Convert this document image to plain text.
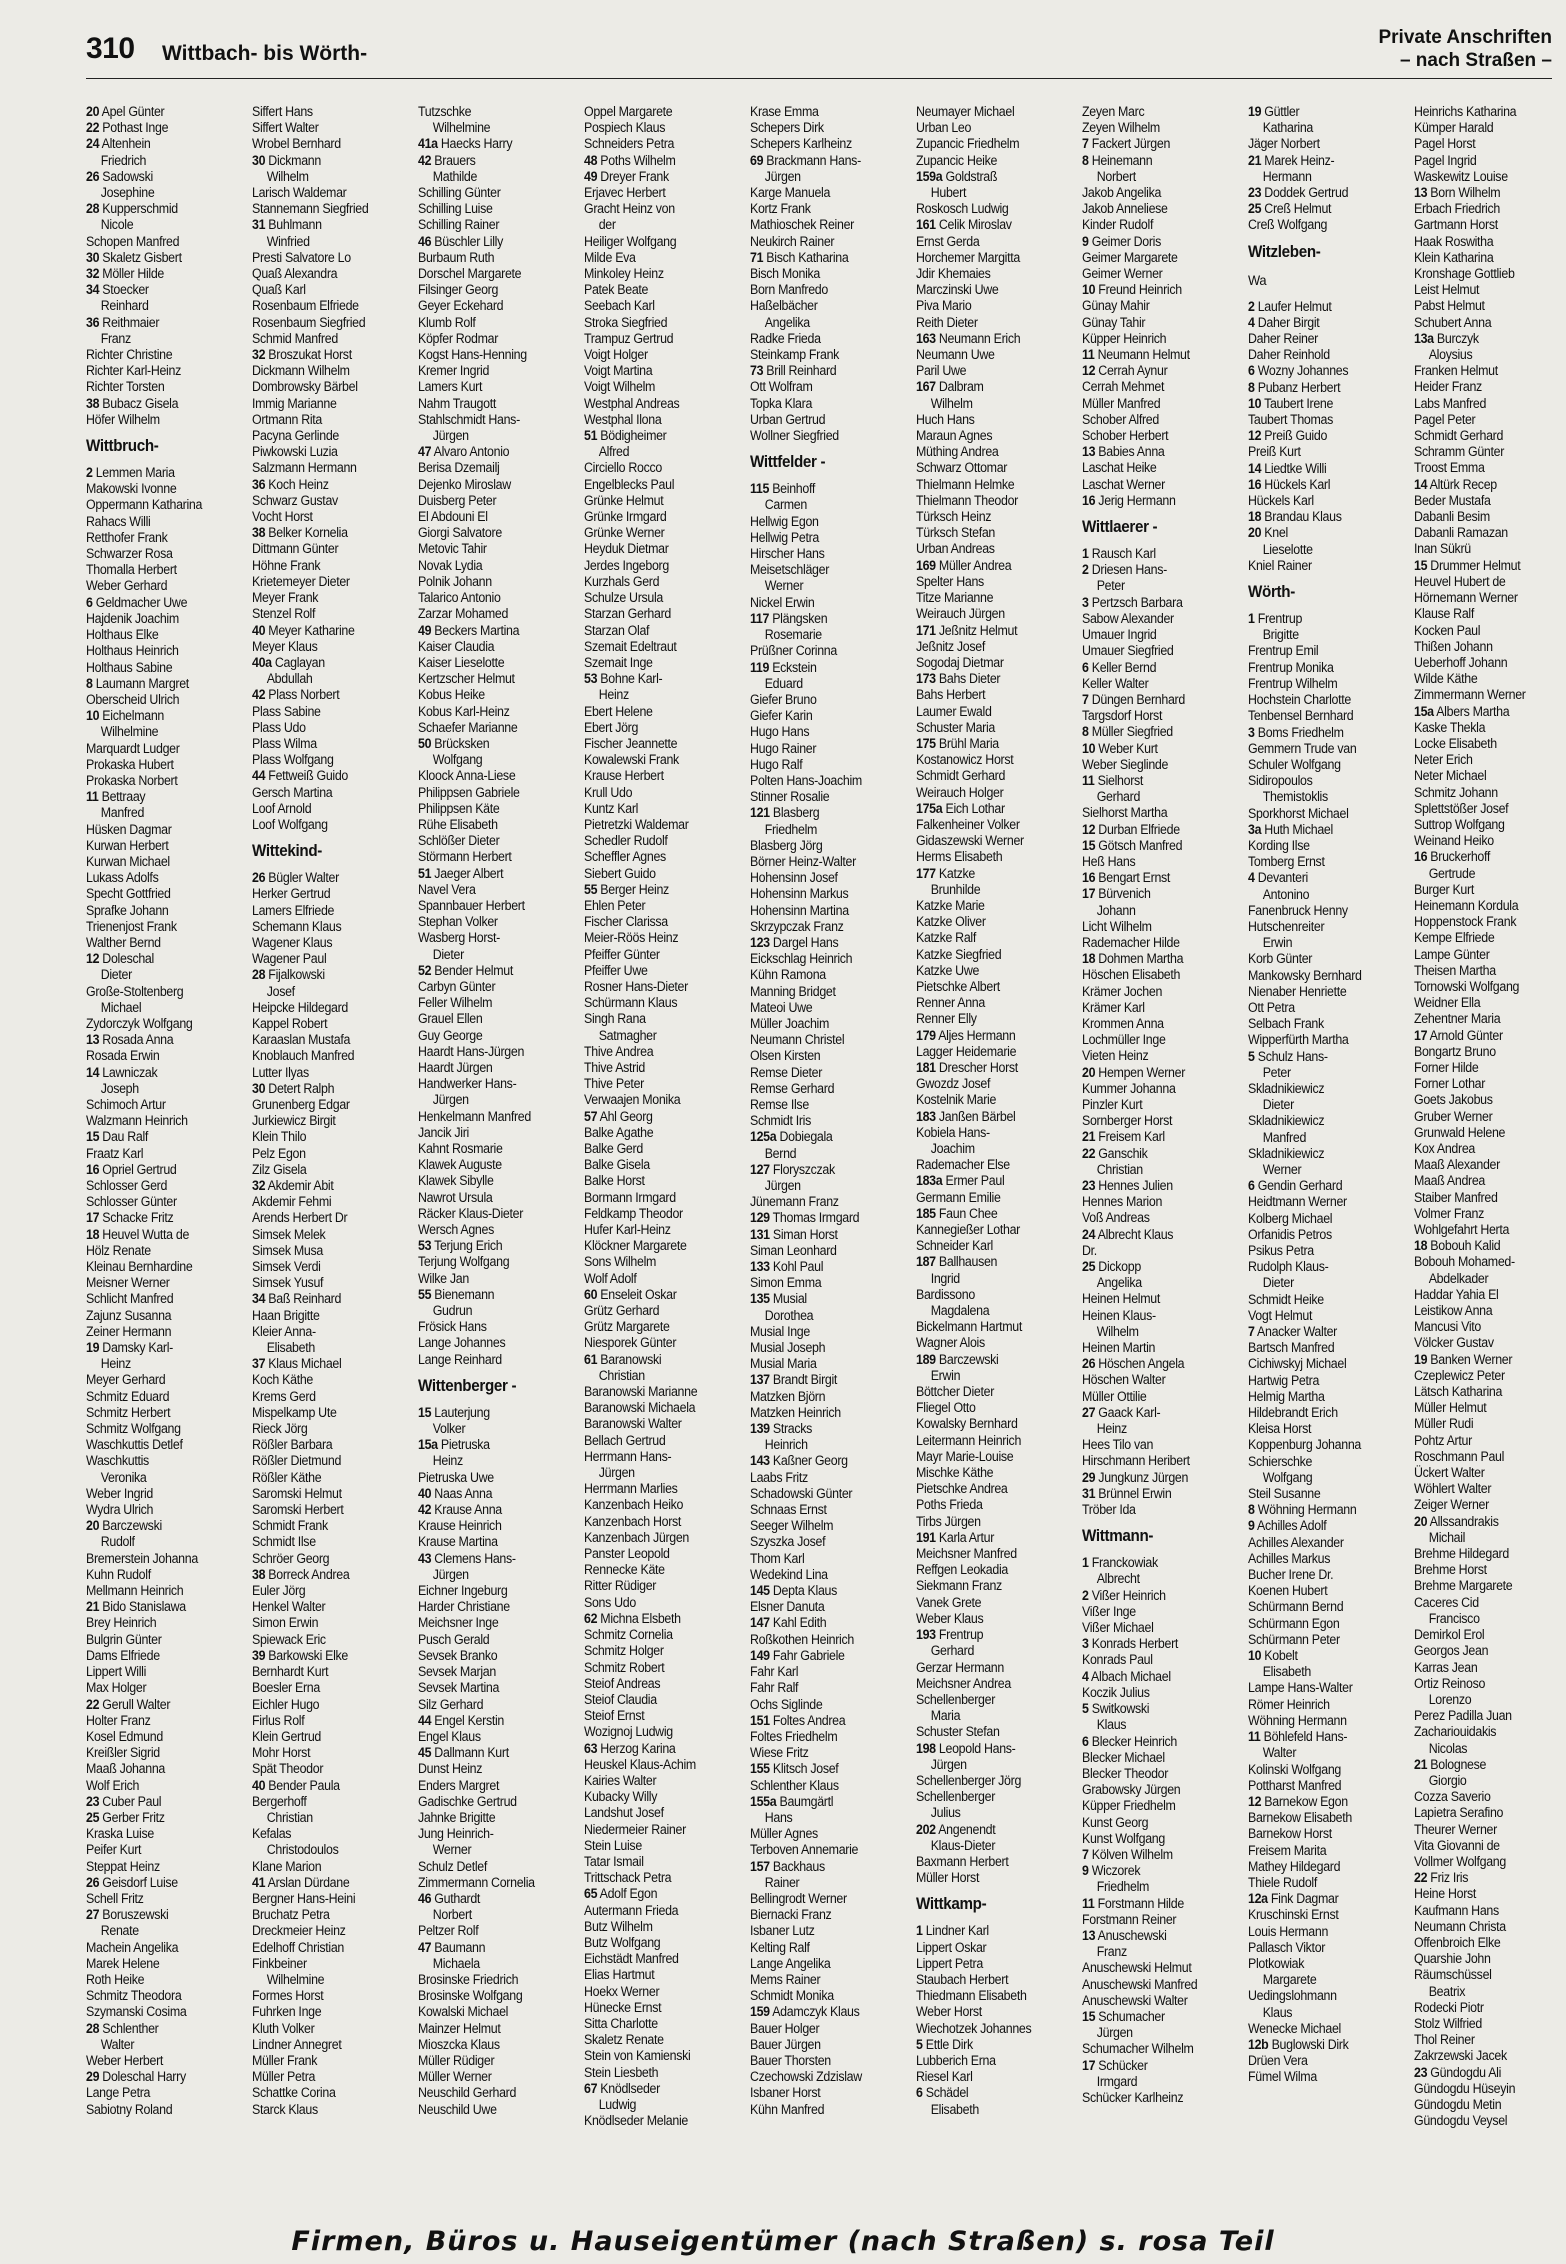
310 Wittbach- bis Wörth-
Private Anschriften
– nach Straßen –
20 Apel Günter
22 Pothast Inge
24 Altenhein
Friedrich
26 Sadowski
Josephine
28 Kupperschmid
Nicole
Schopen Manfred
30 Skaletz Gisbert
32 Möller Hilde
34 Stoecker
Reinhard
36 Reithmaier
Franz
Richter Christine
Richter Karl-Heinz
Richter Torsten
38 Bubacz Gisela
Höfer Wilhelm
Wittbruch-
2 Lemmen Maria
Makowski Ivonne
Oppermann Katharina
Rahacs Willi
Retthofer Frank
Schwarzer Rosa
Thomalla Herbert
Weber Gerhard
6 Geldmacher Uwe
Hajdenik Joachim
Holthaus Elke
Holthaus Heinrich
Holthaus Sabine
8 Laumann Margret
Oberscheid Ulrich
10 Eichelmann
Wilhelmine
Marquardt Ludger
Prokaska Hubert
Prokaska Norbert
11 Bettraay
Manfred
Hüsken Dagmar
Kurwan Herbert
Kurwan Michael
Lukass Adolfs
Specht Gottfried
Sprafke Johann
Trienenjost Frank
Walther Bernd
12 Doleschal
Dieter
Große-Stoltenberg
Michael
Zydorczyk Wolfgang
13 Rosada Anna
Rosada Erwin
14 Lawniczak
Joseph
Schimoch Artur
Walzmann Heinrich
15 Dau Ralf
Fraatz Karl
16 Opriel Gertrud
Schlosser Gerd
Schlosser Günter
17 Schacke Fritz
18 Heuvel Wutta de
Hölz Renate
Kleinau Bernhardine
Meisner Werner
Schlicht Manfred
Zajunz Susanna
Zeiner Hermann
19 Damsky Karl-
Heinz
Meyer Gerhard
Schmitz Eduard
Schmitz Herbert
Schmitz Wolfgang
Waschkuttis Detlef
Waschkuttis
Veronika
Weber Ingrid
Wydra Ulrich
20 Barczewski
Rudolf
Bremerstein Johanna
Kuhn Rudolf
Mellmann Heinrich
21 Bido Stanislawa
Brey Heinrich
Bulgrin Günter
Dams Elfriede
Lippert Willi
Max Holger
22 Gerull Walter
Holter Franz
Kosel Edmund
Kreißler Sigrid
Maaß Johanna
Wolf Erich
23 Cuber Paul
25 Gerber Fritz
Kraska Luise
Peifer Kurt
Steppat Heinz
26 Geisdorf Luise
Schell Fritz
27 Boruszewski
Renate
Machein Angelika
Marek Helene
Roth Heike
Schmitz Theodora
Szymanski Cosima
28 Schlenther
Walter
Weber Herbert
29 Doleschal Harry
Lange Petra
Sabiotny Roland
Siffert Hans
Siffert Walter
Wrobel Bernhard
30 Dickmann
Wilhelm
Larisch Waldemar
Stannemann Siegfried
31 Buhlmann
Winfried
Presti Salvatore Lo
Quaß Alexandra
Quaß Karl
Rosenbaum Elfriede
Rosenbaum Siegfried
Schmid Manfred
32 Broszukat Horst
Dickmann Wilhelm
Dombrowsky Bärbel
Immig Marianne
Ortmann Rita
Pacyna Gerlinde
Piwkowski Luzia
Salzmann Hermann
36 Koch Heinz
Schwarz Gustav
Vocht Horst
38 Belker Kornelia
Dittmann Günter
Höhne Frank
Krietemeyer Dieter
Meyer Frank
Stenzel Rolf
40 Meyer Katharine
Meyer Klaus
40a Caglayan
Abdullah
42 Plass Norbert
Plass Sabine
Plass Udo
Plass Wilma
Plass Wolfgang
44 Fettweiß Guido
Gersch Martina
Loof Arnold
Loof Wolfgang
Wittekind-
26 Bügler Walter
Herker Gertrud
Lamers Elfriede
Schemann Klaus
Wagener Klaus
Wagener Paul
28 Fijalkowski
Josef
Heipcke Hildegard
Kappel Robert
Karaaslan Mustafa
Knoblauch Manfred
Lutter Ilyas
30 Detert Ralph
Grunenberg Edgar
Jurkiewicz Birgit
Klein Thilo
Pelz Egon
Zilz Gisela
32 Akdemir Abit
Akdemir Fehmi
Arends Herbert Dr
Simsek Melek
Simsek Musa
Simsek Verdi
Simsek Yusuf
34 Baß Reinhard
Haan Brigitte
Kleier Anna-
Elisabeth
37 Klaus Michael
Koch Käthe
Krems Gerd
Mispelkamp Ute
Rieck Jörg
Rößler Barbara
Rößler Dietmund
Rößler Käthe
Saromski Helmut
Saromski Herbert
Schmidt Frank
Schmidt Ilse
Schröer Georg
38 Borreck Andrea
Euler Jörg
Henkel Walter
Simon Erwin
Spiewack Eric
39 Barkowski Elke
Bernhardt Kurt
Boesler Erna
Eichler Hugo
Firlus Rolf
Klein Gertrud
Mohr Horst
Spät Theodor
40 Bender Paula
Bergerhoff
Christian
Kefalas
Christodoulos
Klane Marion
41 Arslan Dürdane
Bergner Hans-Heini
Bruchatz Petra
Dreckmeier Heinz
Edelhoff Christian
Finkbeiner
Wilhelmine
Formes Horst
Fuhrken Inge
Kluth Volker
Lindner Annegret
Müller Frank
Müller Petra
Schattke Corina
Starck Klaus
Tutzschke
Wilhelmine
41a Haecks Harry
42 Brauers
Mathilde
Schilling Günter
Schilling Luise
Schilling Rainer
46 Büschler Lilly
Burbaum Ruth
Dorschel Margarete
Filsinger Georg
Geyer Eckehard
Klumb Rolf
Köpfer Rodmar
Kogst Hans-Henning
Kremer Ingrid
Lamers Kurt
Nahm Traugott
Stahlschmidt Hans-
Jürgen
47 Alvaro Antonio
Berisa Dzemailj
Dejenko Miroslaw
Duisberg Peter
El Abdouni El
Giorgi Salvatore
Metovic Tahir
Novak Lydia
Polnik Johann
Talarico Antonio
Zarzar Mohamed
49 Beckers Martina
Kaiser Claudia
Kaiser Lieselotte
Kertzscher Helmut
Kobus Heike
Kobus Karl-Heinz
Schaefer Marianne
50 Brücksken
Wolfgang
Kloock Anna-Liese
Philippsen Gabriele
Philippsen Käte
Rühe Elisabeth
Schlößer Dieter
Störmann Herbert
51 Jaeger Albert
Navel Vera
Spannbauer Herbert
Stephan Volker
Wasberg Horst-
Dieter
52 Bender Helmut
Carbyn Günter
Feller Wilhelm
Grauel Ellen
Guy George
Haardt Hans-Jürgen
Haardt Jürgen
Handwerker Hans-
Jürgen
Henkelmann Manfred
Jancik Jiri
Kahnt Rosmarie
Klawek Auguste
Klawek Sibylle
Nawrot Ursula
Räcker Klaus-Dieter
Wersch Agnes
53 Terjung Erich
Terjung Wolfgang
Wilke Jan
55 Bienemann
Gudrun
Frösick Hans
Lange Johannes
Lange Reinhard
Wittenberger -
15 Lauterjung
Volker
15a Pietruska
Heinz
Pietruska Uwe
40 Naas Anna
42 Krause Anna
Krause Heinrich
Krause Martina
43 Clemens Hans-
Jürgen
Eichner Ingeburg
Harder Christiane
Meichsner Inge
Pusch Gerald
Sevsek Branko
Sevsek Marjan
Sevsek Martina
Silz Gerhard
44 Engel Kerstin
Engel Klaus
45 Dallmann Kurt
Dunst Heinz
Enders Margret
Gadischke Gertrud
Jahnke Brigitte
Jung Heinrich-
Werner
Schulz Detlef
Zimmermann Cornelia
46 Guthardt
Norbert
Peltzer Rolf
47 Baumann
Michaela
Brosinske Friedrich
Brosinske Wolfgang
Kowalski Michael
Mainzer Helmut
Mioszcka Klaus
Müller Rüdiger
Müller Werner
Neuschild Gerhard
Neuschild Uwe
Oppel Margarete
Pospiech Klaus
Schneiders Petra
48 Poths Wilhelm
49 Dreyer Frank
Erjavec Herbert
Gracht Heinz von
der
Heiliger Wolfgang
Milde Eva
Minkoley Heinz
Patek Beate
Seebach Karl
Stroka Siegfried
Trampuz Gertrud
Voigt Holger
Voigt Martina
Voigt Wilhelm
Westphal Andreas
Westphal Ilona
51 Bödigheimer
Alfred
Circiello Rocco
Engelblecks Paul
Grünke Helmut
Grünke Irmgard
Grünke Werner
Heyduk Dietmar
Jerdes Ingeborg
Kurzhals Gerd
Schulze Ursula
Starzan Gerhard
Starzan Olaf
Szemait Edeltraut
Szemait Inge
53 Bohne Karl-
Heinz
Ebert Helene
Ebert Jörg
Fischer Jeannette
Kowalewski Frank
Krause Herbert
Krull Udo
Kuntz Karl
Pietretzki Waldemar
Schedler Rudolf
Scheffler Agnes
Siebert Guido
55 Berger Heinz
Ehlen Peter
Fischer Clarissa
Meier-Röös Heinz
Pfeiffer Günter
Pfeiffer Uwe
Rosner Hans-Dieter
Schürmann Klaus
Singh Rana
Satmagher
Thive Andrea
Thive Astrid
Thive Peter
Verwaajen Monika
57 Ahl Georg
Balke Agathe
Balke Gerd
Balke Gisela
Balke Horst
Bormann Irmgard
Feldkamp Theodor
Hufer Karl-Heinz
Klöckner Margarete
Sons Wilhelm
Wolf Adolf
60 Enseleit Oskar
Grütz Gerhard
Grütz Margarete
Niesporek Günter
61 Baranowski
Christian
Baranowski Marianne
Baranowski Michaela
Baranowski Walter
Bellach Gertrud
Herrmann Hans-
Jürgen
Herrmann Marlies
Kanzenbach Heiko
Kanzenbach Horst
Kanzenbach Jürgen
Panster Leopold
Rennecke Käte
Ritter Rüdiger
Sons Udo
62 Michna Elsbeth
Schmitz Cornelia
Schmitz Holger
Schmitz Robert
Steiof Andreas
Steiof Claudia
Steiof Ernst
Wozignoj Ludwig
63 Herzog Karina
Heuskel Klaus-Achim
Kairies Walter
Kubacky Willy
Landshut Josef
Niedermeier Rainer
Stein Luise
Tatar Ismail
Trittschack Petra
65 Adolf Egon
Autermann Frieda
Butz Wilhelm
Butz Wolfgang
Eichstädt Manfred
Elias Hartmut
Hoekx Werner
Hünecke Ernst
Sitta Charlotte
Skaletz Renate
Stein von Kamienski
Stein Liesbeth
67 Knödlseder
Ludwig
Knödlseder Melanie
Krase Emma
Schepers Dirk
Schepers Karlheinz
69 Brackmann Hans-
Jürgen
Karge Manuela
Kortz Frank
Mathioschek Reiner
Neukirch Rainer
71 Bisch Katharina
Bisch Monika
Born Manfredo
Haßelbächer
Angelika
Radke Frieda
Steinkamp Frank
73 Brill Reinhard
Ott Wolfram
Topka Klara
Urban Gertrud
Wollner Siegfried
Wittfelder -
115 Beinhoff
Carmen
Hellwig Egon
Hellwig Petra
Hirscher Hans
Meisetschläger
Werner
Nickel Erwin
117 Plängsken
Rosemarie
Prüßner Corinna
119 Eckstein
Eduard
Giefer Bruno
Giefer Karin
Hugo Hans
Hugo Rainer
Hugo Ralf
Polten Hans-Joachim
Stinner Rosalie
121 Blasberg
Friedhelm
Blasberg Jörg
Börner Heinz-Walter
Hohensinn Josef
Hohensinn Markus
Hohensinn Martina
Skrzypczak Franz
123 Dargel Hans
Eickschlag Heinrich
Kühn Ramona
Manning Bridget
Mateoi Uwe
Müller Joachim
Neumann Christel
Olsen Kirsten
Remse Dieter
Remse Gerhard
Remse Ilse
Schmidt Iris
125a Dobiegala
Bernd
127 Floryszczak
Jürgen
Jünemann Franz
129 Thomas Irmgard
131 Siman Horst
Siman Leonhard
133 Kohl Paul
Simon Emma
135 Musial
Dorothea
Musial Inge
Musial Joseph
Musial Maria
137 Brandt Birgit
Matzken Björn
Matzken Heinrich
139 Stracks
Heinrich
143 Kaßner Georg
Laabs Fritz
Schadowski Günter
Schnaas Ernst
Seeger Wilhelm
Szyszka Josef
Thom Karl
Wedekind Lina
145 Depta Klaus
Elsner Danuta
147 Kahl Edith
Roßkothen Heinrich
149 Fahr Gabriele
Fahr Karl
Fahr Ralf
Ochs Siglinde
151 Foltes Andrea
Foltes Friedhelm
Wiese Fritz
155 Klitsch Josef
Schlenther Klaus
155a Baumgärtl
Hans
Müller Agnes
Terboven Annemarie
157 Backhaus
Rainer
Bellingrodt Werner
Biernacki Franz
Isbaner Lutz
Kelting Ralf
Lange Angelika
Mems Rainer
Schmidt Monika
159 Adamczyk Klaus
Bauer Holger
Bauer Jürgen
Bauer Thorsten
Czechowski Zdzislaw
Isbaner Horst
Kühn Manfred
Neumayer Michael
Urban Leo
Zupancic Friedhelm
Zupancic Heike
159a Goldstraß
Hubert
Roskosch Ludwig
161 Celik Miroslav
Ernst Gerda
Horchemer Margitta
Jdir Khemaies
Marczinski Uwe
Piva Mario
Reith Dieter
163 Neumann Erich
Neumann Uwe
Paril Uwe
167 Dalbram
Wilhelm
Huch Hans
Maraun Agnes
Müthing Andrea
Schwarz Ottomar
Thielmann Helmke
Thielmann Theodor
Türksch Heinz
Türksch Stefan
Urban Andreas
169 Müller Andrea
Spelter Hans
Titze Marianne
Weirauch Jürgen
171 Jeßnitz Helmut
Jeßnitz Josef
Sogodaj Dietmar
173 Bahs Dieter
Bahs Herbert
Laumer Ewald
Schuster Maria
175 Brühl Maria
Kostanowicz Horst
Schmidt Gerhard
Weirauch Holger
175a Eich Lothar
Falkenheiner Volker
Gidaszewski Werner
Herms Elisabeth
177 Katzke
Brunhilde
Katzke Marie
Katzke Oliver
Katzke Ralf
Katzke Siegfried
Katzke Uwe
Pietschke Albert
Renner Anna
Renner Elly
179 Aljes Hermann
Lagger Heidemarie
181 Drescher Horst
Gwozdz Josef
Kostelnik Marie
183 Janßen Bärbel
Kobiela Hans-
Joachim
Rademacher Else
183a Ermer Paul
Germann Emilie
185 Faun Chee
Kannegießer Lothar
Schneider Karl
187 Ballhausen
Ingrid
Bardissono
Magdalena
Bickelmann Hartmut
Wagner Alois
189 Barczewski
Erwin
Böttcher Dieter
Fliegel Otto
Kowalsky Bernhard
Leitermann Heinrich
Mayr Marie-Louise
Mischke Käthe
Pietschke Andrea
Poths Frieda
Tirbs Jürgen
191 Karla Artur
Meichsner Manfred
Reffgen Leokadia
Siekmann Franz
Vanek Grete
Weber Klaus
193 Frentrup
Gerhard
Gerzar Hermann
Meichsner Andrea
Schellenberger
Maria
Schuster Stefan
198 Leopold Hans-
Jürgen
Schellenberger Jörg
Schellenberger
Julius
202 Angenendt
Klaus-Dieter
Baxmann Herbert
Müller Horst
Wittkamp-
1 Lindner Karl
Lippert Oskar
Lippert Petra
Staubach Herbert
Thiedmann Elisabeth
Weber Horst
Wiechotzek Johannes
5 Ettle Dirk
Lubberich Erna
Riesel Karl
6 Schädel
Elisabeth
Zeyen Marc
Zeyen Wilhelm
7 Fackert Jürgen
8 Heinemann
Norbert
Jakob Angelika
Jakob Anneliese
Kinder Rudolf
9 Geimer Doris
Geimer Margarete
Geimer Werner
10 Freund Heinrich
Günay Mahir
Günay Tahir
Küpper Heinrich
11 Neumann Helmut
12 Cerrah Aynur
Cerrah Mehmet
Müller Manfred
Schober Alfred
Schober Herbert
13 Babies Anna
Laschat Heike
Laschat Werner
16 Jerig Hermann
Wittlaerer -
1 Rausch Karl
2 Driesen Hans-
Peter
3 Pertzsch Barbara
Sabow Alexander
Umauer Ingrid
Umauer Siegfried
6 Keller Bernd
Keller Walter
7 Düngen Bernhard
Targsdorf Horst
8 Müller Siegfried
10 Weber Kurt
Weber Sieglinde
11 Sielhorst
Gerhard
Sielhorst Martha
12 Durban Elfriede
15 Götsch Manfred
Heß Hans
16 Bengart Ernst
17 Bürvenich
Johann
Licht Wilhelm
Rademacher Hilde
18 Dohmen Martha
Höschen Elisabeth
Krämer Jochen
Krämer Karl
Krommen Anna
Lochmüller Inge
Vieten Heinz
20 Hempen Werner
Kummer Johanna
Pinzler Kurt
Sornberger Horst
21 Freisem Karl
22 Ganschik
Christian
23 Hennes Julien
Hennes Marion
Voß Andreas
24 Albrecht Klaus
Dr.
25 Dickopp
Angelika
Heinen Helmut
Heinen Klaus-
Wilhelm
Heinen Martin
26 Höschen Angela
Höschen Walter
Müller Ottilie
27 Gaack Karl-
Heinz
Hees Tilo van
Hirschmann Heribert
29 Jungkunz Jürgen
31 Brünnel Erwin
Tröber Ida
Wittmann-
1 Franckowiak
Albrecht
2 Vißer Heinrich
Vißer Inge
Vißer Michael
3 Konrads Herbert
Konrads Paul
4 Albach Michael
Koczik Julius
5 Switkowski
Klaus
6 Blecker Heinrich
Blecker Michael
Blecker Theodor
Grabowsky Jürgen
Küpper Friedhelm
Kunst Georg
Kunst Wolfgang
7 Kölven Wilhelm
9 Wiczorek
Friedhelm
11 Forstmann Hilde
Forstmann Reiner
13 Anuschewski
Franz
Anuschewski Helmut
Anuschewski Manfred
Anuschewski Walter
15 Schumacher
Jürgen
Schumacher Wilhelm
17 Schücker
Irmgard
Schücker Karlheinz
19 Güttler
Katharina
Jäger Norbert
21 Marek Heinz-
Hermann
23 Doddek Gertrud
25 Creß Helmut
Creß Wolfgang
Witzleben-
Wa
2 Laufer Helmut
4 Daher Birgit
Daher Reiner
Daher Reinhold
6 Wozny Johannes
8 Pubanz Herbert
10 Taubert Irene
Taubert Thomas
12 Preiß Guido
Preiß Kurt
14 Liedtke Willi
16 Hückels Karl
Hückels Karl
18 Brandau Klaus
20 Knel
Lieselotte
Kniel Rainer
Wörth-
1 Frentrup
Brigitte
Frentrup Emil
Frentrup Monika
Frentrup Wilhelm
Hochstein Charlotte
Tenbensel Bernhard
3 Boms Friedhelm
Gemmern Trude van
Schuler Wolfgang
Sidiropoulos
Themistoklis
Sporkhorst Michael
3a Huth Michael
Kording Ilse
Tomberg Ernst
4 Devanteri
Antonino
Fanenbruck Henny
Hutschenreiter
Erwin
Korb Günter
Mankowsky Bernhard
Nienaber Henriette
Ott Petra
Selbach Frank
Wipperfürth Martha
5 Schulz Hans-
Peter
Skladnikiewicz
Dieter
Skladnikiewicz
Manfred
Skladnikiewicz
Werner
6 Gendin Gerhard
Heidtmann Werner
Kolberg Michael
Orfanidis Petros
Psikus Petra
Rudolph Klaus-
Dieter
Schmidt Heike
Vogt Helmut
7 Anacker Walter
Bartsch Manfred
Cichiwskyj Michael
Hartwig Petra
Helmig Martha
Hildebrandt Erich
Kleisa Horst
Koppenburg Johanna
Schierschke
Wolfgang
Steil Susanne
8 Wöhning Hermann
9 Achilles Adolf
Achilles Alexander
Achilles Markus
Bucher Irene Dr.
Koenen Hubert
Schürmann Bernd
Schürmann Egon
Schürmann Peter
10 Kobelt
Elisabeth
Lampe Hans-Walter
Römer Heinrich
Wöhning Hermann
11 Böhlefeld Hans-
Walter
Kolinski Wolfgang
Pottharst Manfred
12 Barnekow Egon
Barnekow Elisabeth
Barnekow Horst
Freisem Marita
Mathey Hildegard
Thiele Rudolf
12a Fink Dagmar
Kruschinski Ernst
Louis Hermann
Pallasch Viktor
Plotkowiak
Margarete
Uedingslohmann
Klaus
Wenecke Michael
12b Buglowski Dirk
Drüen Vera
Fümel Wilma
Heinrichs Katharina
Kümper Harald
Pagel Horst
Pagel Ingrid
Waskewitz Louise
13 Born Wilhelm
Erbach Friedrich
Gartmann Horst
Haak Roswitha
Klein Katharina
Kronshage Gottlieb
Leist Helmut
Pabst Helmut
Schubert Anna
13a Burczyk
Aloysius
Franken Helmut
Heider Franz
Labs Manfred
Pagel Peter
Schmidt Gerhard
Schramm Günter
Troost Emma
14 Altürk Recep
Beder Mustafa
Dabanli Besim
Dabanli Ramazan
Inan Sükrü
15 Drummer Helmut
Heuvel Hubert de
Hörnemann Werner
Klause Ralf
Kocken Paul
Thißen Johann
Ueberhoff Johann
Wilde Käthe
Zimmermann Werner
15a Albers Martha
Kaske Thekla
Locke Elisabeth
Neter Erich
Neter Michael
Schmitz Johann
Splettstößer Josef
Suttrop Wolfgang
Weinand Heiko
16 Bruckerhoff
Gertrude
Burger Kurt
Heinemann Kordula
Hoppenstock Frank
Kempe Elfriede
Lampe Günter
Theisen Martha
Tornowski Wolfgang
Weidner Ella
Zehentner Maria
17 Arnold Günter
Bongartz Bruno
Forner Hilde
Forner Lothar
Goets Jakobus
Gruber Werner
Grunwald Helene
Kox Andrea
Maaß Alexander
Maaß Andrea
Staiber Manfred
Volmer Franz
Wohlgefahrt Herta
18 Bobouh Kalid
Bobouh Mohamed-
Abdelkader
Haddar Yahia El
Leistikow Anna
Mancusi Vito
Völcker Gustav
19 Banken Werner
Czeplewicz Peter
Lätsch Katharina
Müller Helmut
Müller Rudi
Pohtz Artur
Roschmann Paul
Ückert Walter
Wöhlert Walter
Zeiger Werner
20 Allssandrakis
Michail
Brehme Hildegard
Brehme Horst
Brehme Margarete
Caceres Cid
Francisco
Demirkol Erol
Georgos Jean
Karras Jean
Ortiz Reinoso
Lorenzo
Perez Padilla Juan
Zachariouidakis
Nicolas
21 Bolognese
Giorgio
Cozza Saverio
Lapietra Serafino
Theurer Werner
Vita Giovanni de
Vollmer Wolfgang
22 Friz Iris
Heine Horst
Kaufmann Hans
Neumann Christa
Offenbroich Elke
Quarshie John
Räumschüssel
Beatrix
Rodecki Piotr
Stolz Wilfried
Thol Reiner
Zakrzewski Jacek
23 Gündogdu Ali
Gündogdu Hüseyin
Gündogdu Metin
Gündogdu Veysel
Firmen, Büros u. Hauseigentümer (nach Straßen) s. rosa Teil
